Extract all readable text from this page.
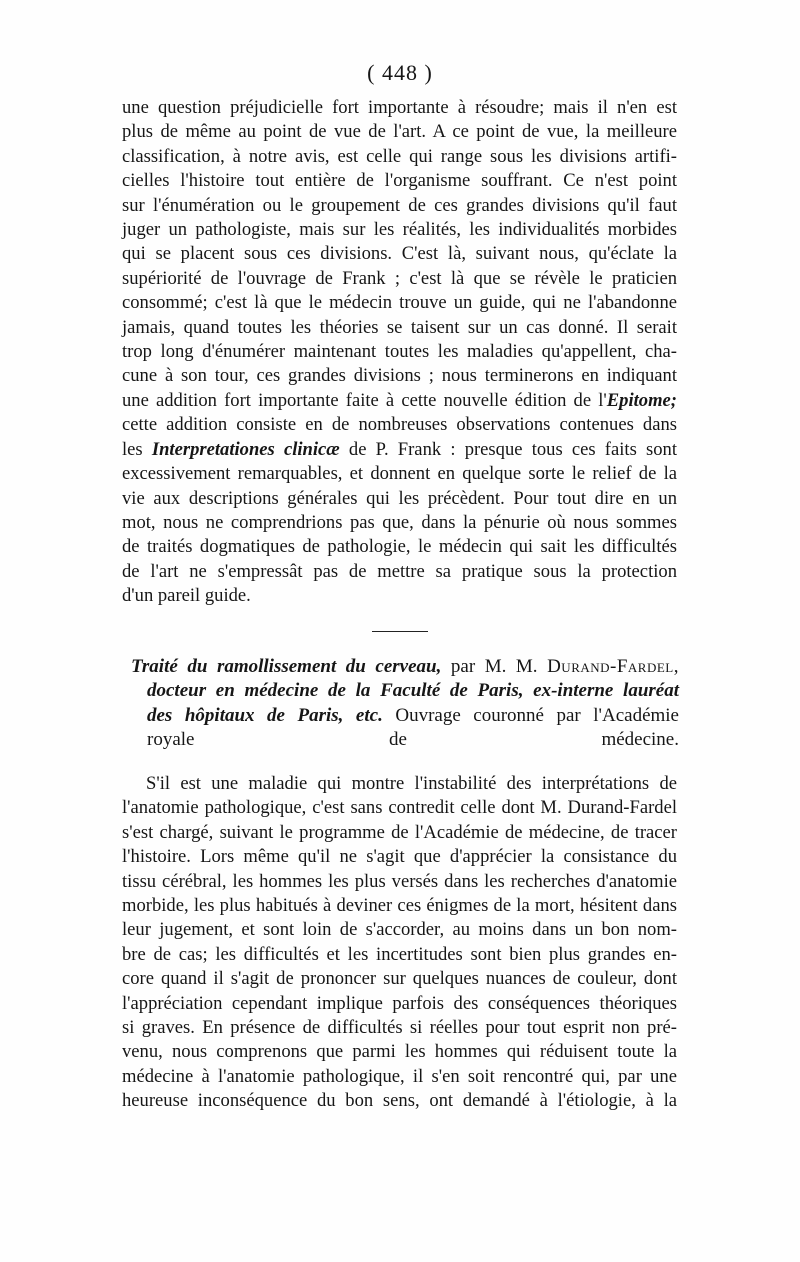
( 448 )
une question préjudicielle fort importante à résoudre; mais il n'en est
plus de même au point de vue de l'art. A ce point de vue, la meilleure
classification, à notre avis, est celle qui range sous les divisions artifi-
cielles l'histoire tout entière de l'organisme souffrant. Ce n'est point
sur l'énumération ou le groupement de ces grandes divisions qu'il faut
juger un pathologiste, mais sur les réalités, les individualités morbides
qui se placent sous ces divisions. C'est là, suivant nous, qu'éclate la
supériorité de l'ouvrage de Frank ; c'est là que se révèle le praticien
consommé; c'est là que le médecin trouve un guide, qui ne l'abandonne
jamais, quand toutes les théories se taisent sur un cas donné. Il serait
trop long d'énumérer maintenant toutes les maladies qu'appellent, cha-
cune à son tour, ces grandes divisions ; nous terminerons en indiquant
une addition fort importante faite à cette nouvelle édition de l'Epitome;
cette addition consiste en de nombreuses observations contenues dans
les Interpretationes clinicæ de P. Frank : presque tous ces faits sont
excessivement remarquables, et donnent en quelque sorte le relief de la
vie aux descriptions générales qui les précèdent. Pour tout dire en un
mot, nous ne comprendrions pas que, dans la pénurie où nous sommes
de traités dogmatiques de pathologie, le médecin qui sait les difficultés
de l'art ne s'empressât pas de mettre sa pratique sous la protection
d'un pareil guide.
Traité du ramollissement du cerveau, par M. M. Durand-Fardel,
docteur en médecine de la Faculté de Paris, ex-interne lauréat
des hôpitaux de Paris, etc. Ouvrage couronné par l'Académie
royale de médecine.
S'il est une maladie qui montre l'instabilité des interprétations de
l'anatomie pathologique, c'est sans contredit celle dont M. Durand-Fardel
s'est chargé, suivant le programme de l'Académie de médecine, de tracer
l'histoire. Lors même qu'il ne s'agit que d'apprécier la consistance du
tissu cérébral, les hommes les plus versés dans les recherches d'anatomie
morbide, les plus habitués à deviner ces énigmes de la mort, hésitent dans
leur jugement, et sont loin de s'accorder, au moins dans un bon nom-
bre de cas; les difficultés et les incertitudes sont bien plus grandes en-
core quand il s'agit de prononcer sur quelques nuances de couleur, dont
l'appréciation cependant implique parfois des conséquences théoriques
si graves. En présence de difficultés si réelles pour tout esprit non pré-
venu, nous comprenons que parmi les hommes qui réduisent toute la
médecine à l'anatomie pathologique, il s'en soit rencontré qui, par une
heureuse inconséquence du bon sens, ont demandé à l'étiologie, à la
